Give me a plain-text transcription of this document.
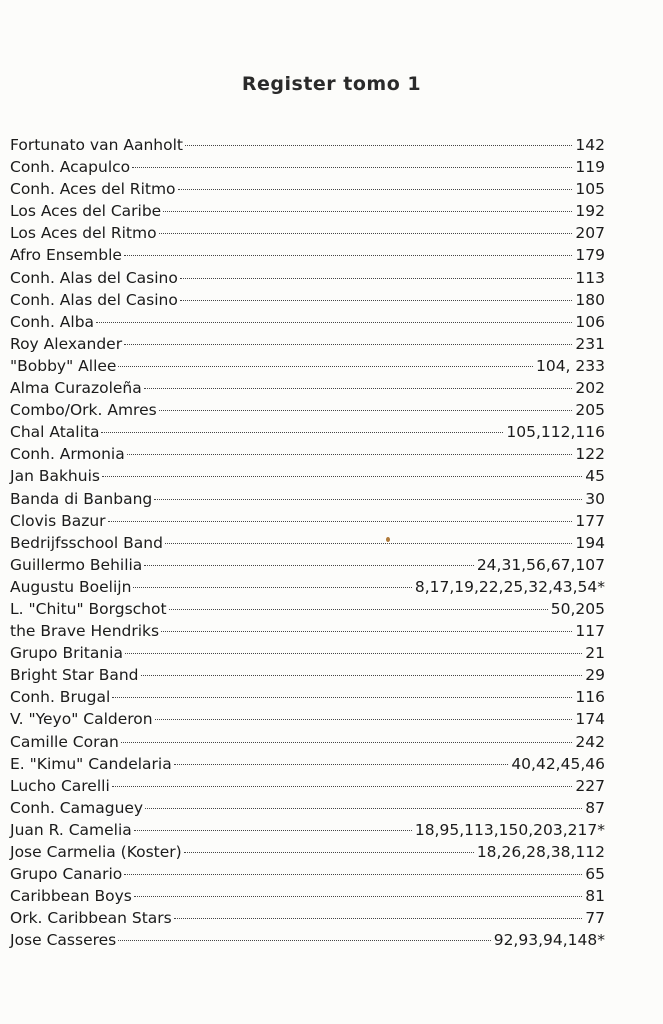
Register tomo 1
Fortunato van Aanholt	142
Conh. Acapulco	119
Conh. Aces del Ritmo	105
Los Aces del Caribe	192
Los Aces del Ritmo	207
Afro Ensemble	179
Conh. Alas del Casino	113
Conh. Alas del Casino	180
Conh. Alba	106
Roy Alexander	231
"Bobby" Allee	104, 233
Alma Curazoleña	202
Combo/Ork. Amres	205
Chal Atalita	105,112,116
Conh. Armonia	122
Jan Bakhuis	45
Banda di Banbang	30
Clovis Bazur	177
Bedrijfsschool Band	194
Guillermo Behilia	24,31,56,67,107
Augustu Boelijn	8,17,19,22,25,32,43,54*
L. "Chitu" Borgschot	50,205
the Brave Hendriks	117
Grupo Britania	21
Bright Star Band	29
Conh. Brugal	116
V. "Yeyo" Calderon	174
Camille Coran	242
E. "Kimu" Candelaria	40,42,45,46
Lucho Carelli	227
Conh. Camaguey	87
Juan R. Camelia	18,95,113,150,203,217*
Jose Carmelia (Koster)	18,26,28,38,112
Grupo Canario	65
Caribbean Boys	81
Ork. Caribbean Stars	77
Jose Casseres	92,93,94,148*
